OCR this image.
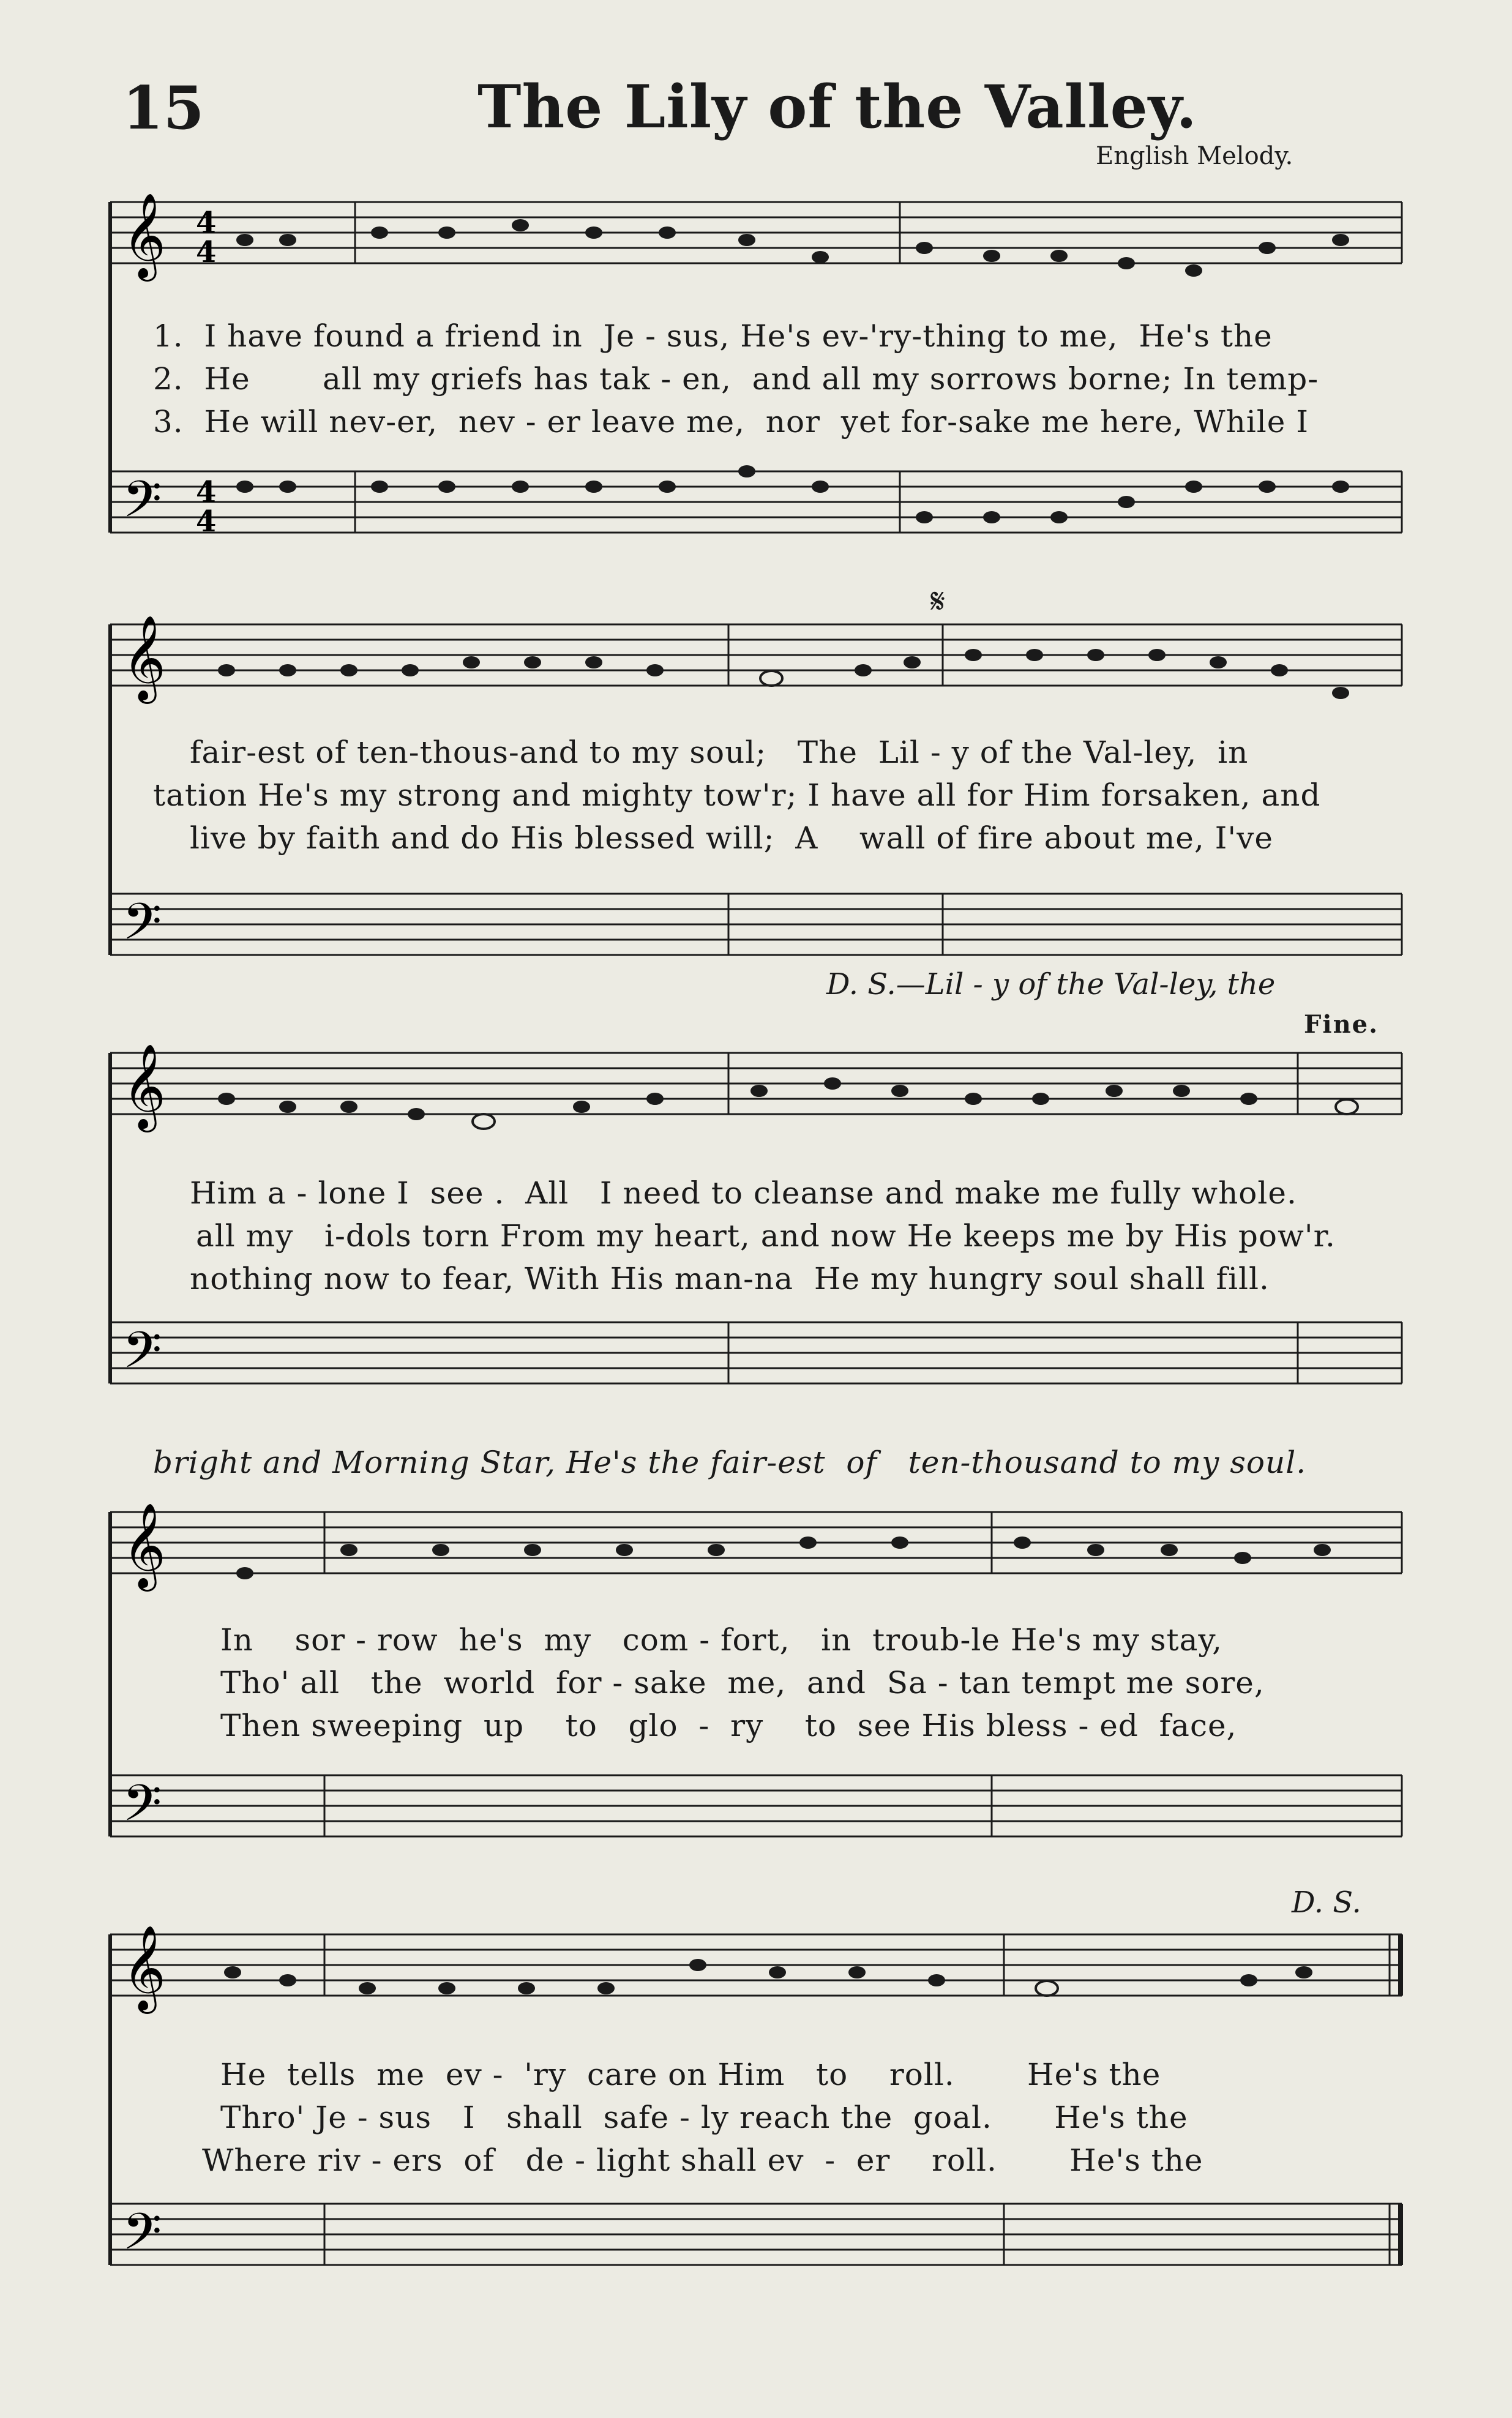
15	The Lily of the Valley.
English Melody.
𝄞
𝄢
4
4
4
4
1.  I have found a friend in  Je - sus, He's ev-'ry-thing to me,  He's the
2.  He       all my griefs has tak - en,  and all my sorrows borne; In temp-
3.  He will nev-er,  nev - er leave me,  nor  yet for-sake me here, While I
𝄋
𝄞
𝄢
fair-est of ten-thous-and to my soul;   The  Lil - y of the Val-ley,  in
tation He's my strong and mighty tow'r; I have all for Him forsaken, and
live by faith and do His blessed will;  A    wall of fire about me, I've
D. S.—Lil - y of the Val-ley, the
Fine.
𝄞
𝄢
Him a - lone I  see .  All   I need to cleanse and make me fully whole.
all my   i-dols torn From my heart, and now He keeps me by His pow'r.
nothing now to fear, With His man-na  He my hungry soul shall fill.
bright and Morning Star, He's the fair-est  of   ten-thousand to my soul.
𝄞
𝄢
In    sor - row  he's  my   com - fort,   in  troub-le He's my stay,
Tho' all   the  world  for - sake  me,  and  Sa - tan tempt me sore,
Then sweeping  up    to   glo  -  ry    to  see His bless - ed  face,
D. S.
𝄞
𝄢
He  tells  me  ev -  'ry  care on Him   to    roll.       He's the
Thro' Je - sus   I   shall  safe - ly reach the  goal.      He's the
Where riv - ers  of   de - light shall ev  -  er    roll.       He's the
